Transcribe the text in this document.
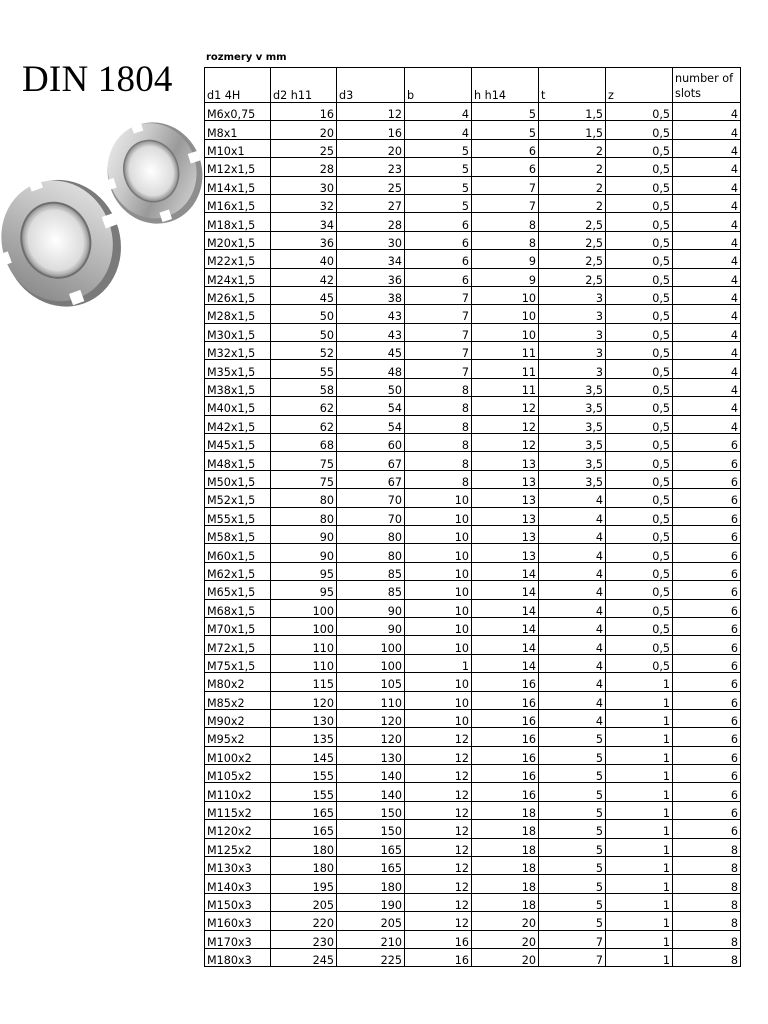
DIN 1804
rozmery v mm
d1 4H	d2 h11	d3	b	h h14	t	z	number of slots
M6x0,75	16	12	4	5	1,5	0,5	4
M8x1	20	16	4	5	1,5	0,5	4
M10x1	25	20	5	6	2	0,5	4
M12x1,5	28	23	5	6	2	0,5	4
M14x1,5	30	25	5	7	2	0,5	4
M16x1,5	32	27	5	7	2	0,5	4
M18x1,5	34	28	6	8	2,5	0,5	4
M20x1,5	36	30	6	8	2,5	0,5	4
M22x1,5	40	34	6	9	2,5	0,5	4
M24x1,5	42	36	6	9	2,5	0,5	4
M26x1,5	45	38	7	10	3	0,5	4
M28x1,5	50	43	7	10	3	0,5	4
M30x1,5	50	43	7	10	3	0,5	4
M32x1,5	52	45	7	11	3	0,5	4
M35x1,5	55	48	7	11	3	0,5	4
M38x1,5	58	50	8	11	3,5	0,5	4
M40x1,5	62	54	8	12	3,5	0,5	4
M42x1,5	62	54	8	12	3,5	0,5	4
M45x1,5	68	60	8	12	3,5	0,5	6
M48x1,5	75	67	8	13	3,5	0,5	6
M50x1,5	75	67	8	13	3,5	0,5	6
M52x1,5	80	70	10	13	4	0,5	6
M55x1,5	80	70	10	13	4	0,5	6
M58x1,5	90	80	10	13	4	0,5	6
M60x1,5	90	80	10	13	4	0,5	6
M62x1,5	95	85	10	14	4	0,5	6
M65x1,5	95	85	10	14	4	0,5	6
M68x1,5	100	90	10	14	4	0,5	6
M70x1,5	100	90	10	14	4	0,5	6
M72x1,5	110	100	10	14	4	0,5	6
M75x1,5	110	100	1	14	4	0,5	6
M80x2	115	105	10	16	4	1	6
M85x2	120	110	10	16	4	1	6
M90x2	130	120	10	16	4	1	6
M95x2	135	120	12	16	5	1	6
M100x2	145	130	12	16	5	1	6
M105x2	155	140	12	16	5	1	6
M110x2	155	140	12	16	5	1	6
M115x2	165	150	12	18	5	1	6
M120x2	165	150	12	18	5	1	6
M125x2	180	165	12	18	5	1	8
M130x3	180	165	12	18	5	1	8
M140x3	195	180	12	18	5	1	8
M150x3	205	190	12	18	5	1	8
M160x3	220	205	12	20	5	1	8
M170x3	230	210	16	20	7	1	8
M180x3	245	225	16	20	7	1	8
